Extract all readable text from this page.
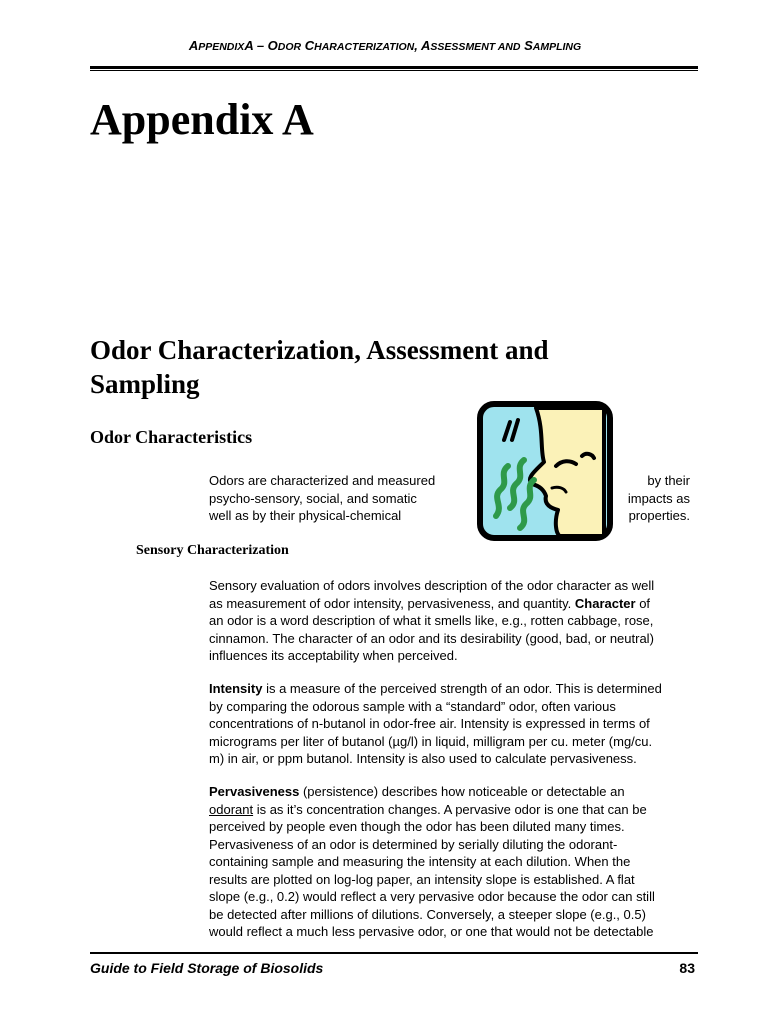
APPENDIXA – ODOR CHARACTERIZATION, ASSESSMENT AND SAMPLING
Appendix A
Odor Characterization, Assessment and Sampling
Odor Characteristics
Odors are characterized and measured
psycho-sensory, social, and somatic
well as by their physical-chemical
by their
impacts as
properties.
Sensory Characterization
Sensory evaluation of odors involves description of the odor character as well
as measurement of odor intensity, pervasiveness, and quantity. Character of
an odor is a word description of what it smells like, e.g., rotten cabbage, rose,
cinnamon. The character of an odor and its desirability (good, bad, or neutral)
influences its acceptability when perceived.
Intensity is a measure of the perceived strength of an odor. This is determined
by comparing the odorous sample with a “standard” odor, often various
concentrations of n-butanol in odor-free air. Intensity is expressed in terms of
micrograms per liter of butanol (µg/l) in liquid, milligram per cu. meter (mg/cu.
m) in air, or ppm butanol. Intensity is also used to calculate pervasiveness.
Pervasiveness (persistence) describes how noticeable or detectable an
odorant is as it’s concentration changes. A pervasive odor is one that can be
perceived by people even though the odor has been diluted many times.
Pervasiveness of an odor is determined by serially diluting the odorant-
containing sample and measuring the intensity at each dilution. When the
results are plotted on log-log paper, an intensity slope is established. A flat
slope (e.g., 0.2) would reflect a very pervasive odor because the odor can still
be detected after millions of dilutions. Conversely, a steeper slope (e.g., 0.5)
would reflect a much less pervasive odor, or one that would not be detectable
Guide to Field Storage of Biosolids	83
